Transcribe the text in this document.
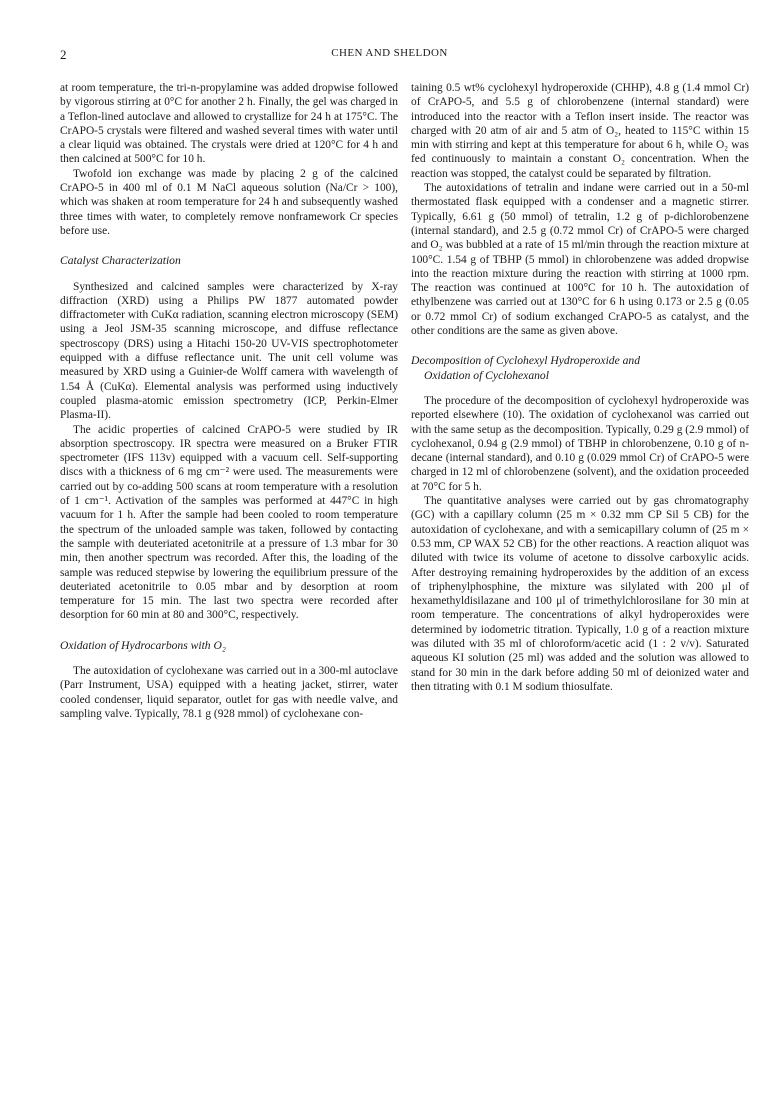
2	CHEN AND SHELDON

at room temperature, the tri-n-propylamine was added dropwise followed by vigorous stirring at 0°C for another 2 h. Finally, the gel was charged in a Teflon-lined autoclave and allowed to crystallize for 24 h at 175°C. The CrAPO-5 crystals were filtered and washed several times with water until a clear liquid was obtained. The crystals were dried at 120°C for 4 h and then calcined at 500°C for 10 h.

Twofold ion exchange was made by placing 2 g of the calcined CrAPO-5 in 400 ml of 0.1 M NaCl aqueous solution (Na/Cr > 100), which was shaken at room temperature for 24 h and subsequently washed three times with water, to completely remove nonframework Cr species before use.

Catalyst Characterization

Synthesized and calcined samples were characterized by X-ray diffraction (XRD) using a Philips PW 1877 automated powder diffractometer with CuKα radiation, scanning electron microscopy (SEM) using a Jeol JSM-35 scanning microscope, and diffuse reflectance spectroscopy (DRS) using a Hitachi 150-20 UV-VIS spectrophotometer equipped with a diffuse reflectance unit. The unit cell volume was measured by XRD using a Guinier-de Wolff camera with wavelength of 1.54 Å (CuKα). Elemental analysis was performed using inductively coupled plasma-atomic emission spectrometry (ICP, Perkin-Elmer Plasma-II).

The acidic properties of calcined CrAPO-5 were studied by IR absorption spectroscopy. IR spectra were measured on a Bruker FTIR spectrometer (IFS 113v) equipped with a vacuum cell. Self-supporting discs with a thickness of 6 mg cm⁻² were used. The measurements were carried out by co-adding 500 scans at room temperature with a resolution of 1 cm⁻¹. Activation of the samples was performed at 447°C in high vacuum for 1 h. After the sample had been cooled to room temperature the spectrum of the unloaded sample was taken, followed by contacting the sample with deuteriated acetonitrile at a pressure of 1.3 mbar for 30 min, then another spectrum was recorded. After this, the loading of the sample was reduced stepwise by lowering the equilibrium pressure of the deuteriated acetonitrile to 0.05 mbar and by desorption at room temperature for 15 min. The last two spectra were recorded after desorption for 60 min at 80 and 300°C, respectively.

Oxidation of Hydrocarbons with O₂

The autoxidation of cyclohexane was carried out in a 300-ml autoclave (Parr Instrument, USA) equipped with a heating jacket, stirrer, water cooled condenser, liquid separator, outlet for gas with needle valve, and sampling valve. Typically, 78.1 g (928 mmol) of cyclohexane con-

taining 0.5 wt% cyclohexyl hydroperoxide (CHHP), 4.8 g (1.4 mmol Cr) of CrAPO-5, and 5.5 g of chlorobenzene (internal standard) were introduced into the reactor with a Teflon insert inside. The reactor was charged with 20 atm of air and 5 atm of O₂, heated to 115°C within 15 min with stirring and kept at this temperature for about 6 h, while O₂ was fed continuously to maintain a constant O₂ concentration. When the reaction was stopped, the catalyst could be separated by filtration.

The autoxidations of tetralin and indane were carried out in a 50-ml thermostated flask equipped with a condenser and a magnetic stirrer. Typically, 6.61 g (50 mmol) of tetralin, 1.2 g of p-dichlorobenzene (internal standard), and 2.5 g (0.72 mmol Cr) of CrAPO-5 were charged and O₂ was bubbled at a rate of 15 ml/min through the reaction mixture at 100°C. 1.54 g of TBHP (5 mmol) in chlorobenzene was added dropwise into the reaction mixture during the reaction with stirring at 1000 rpm. The reaction was continued at 100°C for 10 h. The autoxidation of ethylbenzene was carried out at 130°C for 6 h using 0.173 or 2.5 g (0.05 or 0.72 mmol Cr) of sodium exchanged CrAPO-5 as catalyst, and the other conditions are the same as given above.

Decomposition of Cyclohexyl Hydroperoxide and
Oxidation of Cyclohexanol

The procedure of the decomposition of cyclohexyl hydroperoxide was reported elsewhere (10). The oxidation of cyclohexanol was carried out with the same setup as the decomposition. Typically, 0.29 g (2.9 mmol) of cyclohexanol, 0.94 g (2.9 mmol) of TBHP in chlorobenzene, 0.10 g of n-decane (internal standard), and 0.10 g (0.029 mmol Cr) of CrAPO-5 were charged in 12 ml of chlorobenzene (solvent), and the oxidation proceeded at 70°C for 5 h.

The quantitative analyses were carried out by gas chromatography (GC) with a capillary column (25 m × 0.32 mm CP Sil 5 CB) for the autoxidation of cyclohexane, and with a semicapillary column of (25 m × 0.53 mm, CP WAX 52 CB) for the other reactions. A reaction aliquot was diluted with twice its volume of acetone to dissolve carboxylic acids. After destroying remaining hydroperoxides by the addition of an excess of triphenylphosphine, the mixture was silylated with 200 μl of hexamethyldisilazane and 100 μl of trimethylchlorosilane for 30 min at room temperature. The concentrations of alkyl hydroperoxides were determined by iodometric titration. Typically, 1.0 g of a reaction mixture was diluted with 35 ml of chloroform/acetic acid (1 : 2 v/v). Saturated aqueous KI solution (25 ml) was added and the solution was allowed to stand for 30 min in the dark before adding 50 ml of deionized water and then titrating with 0.1 M sodium thiosulfate.
